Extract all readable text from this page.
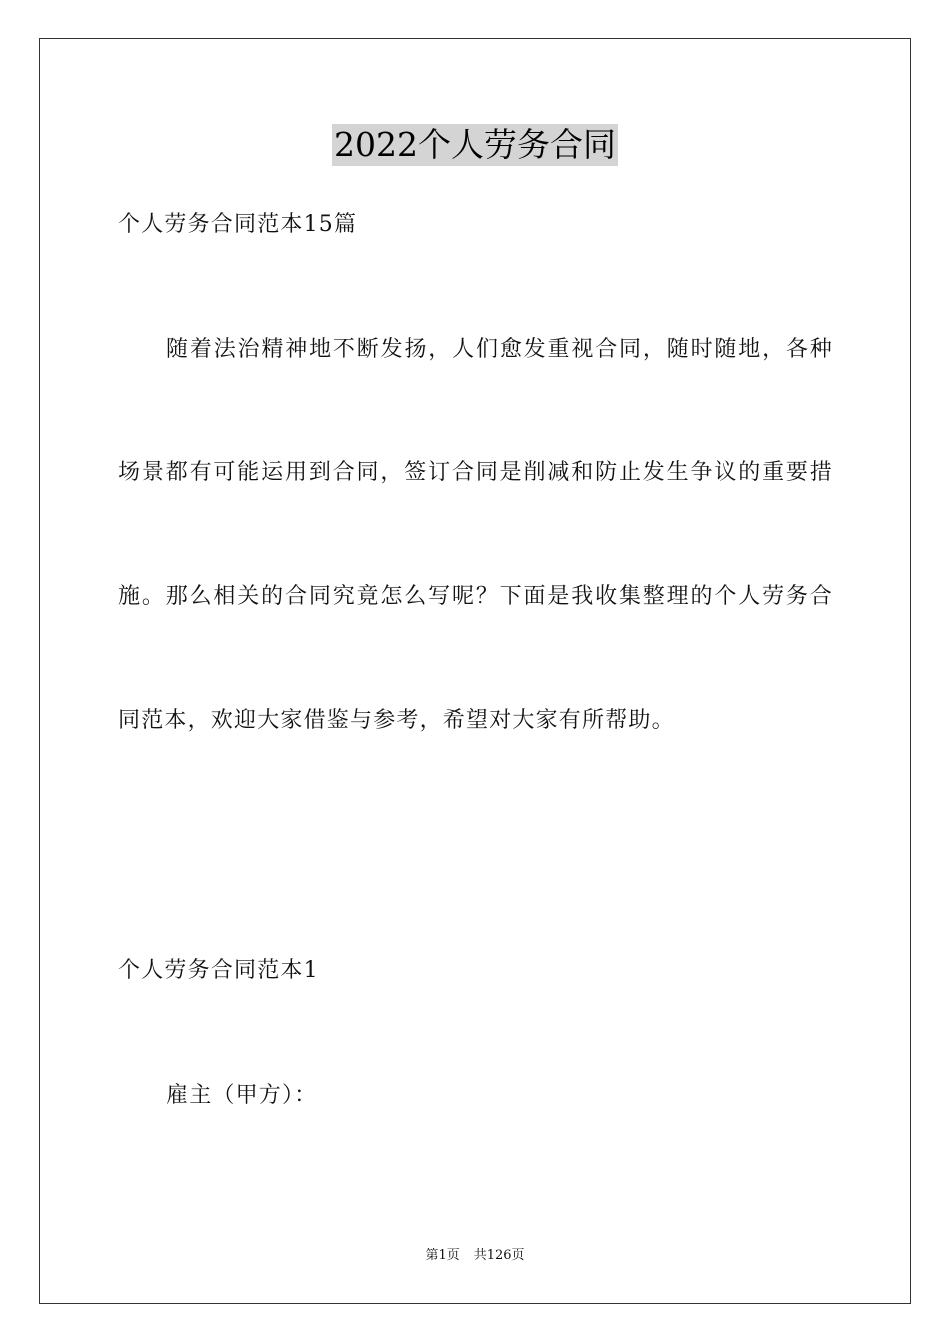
2022个人劳务合同
个人劳务合同范本15篇
随着法治精神地不断发扬，人们愈发重视合同，随时随地，各种
场景都有可能运用到合同，签订合同是削减和防止发生争议的重要措
施。那么相关的合同究竟怎么写呢？下面是我收集整理的个人劳务合
同范本，欢迎大家借鉴与参考，希望对大家有所帮助。
个人劳务合同范本1
雇主（甲方）：
第1页 共126页
